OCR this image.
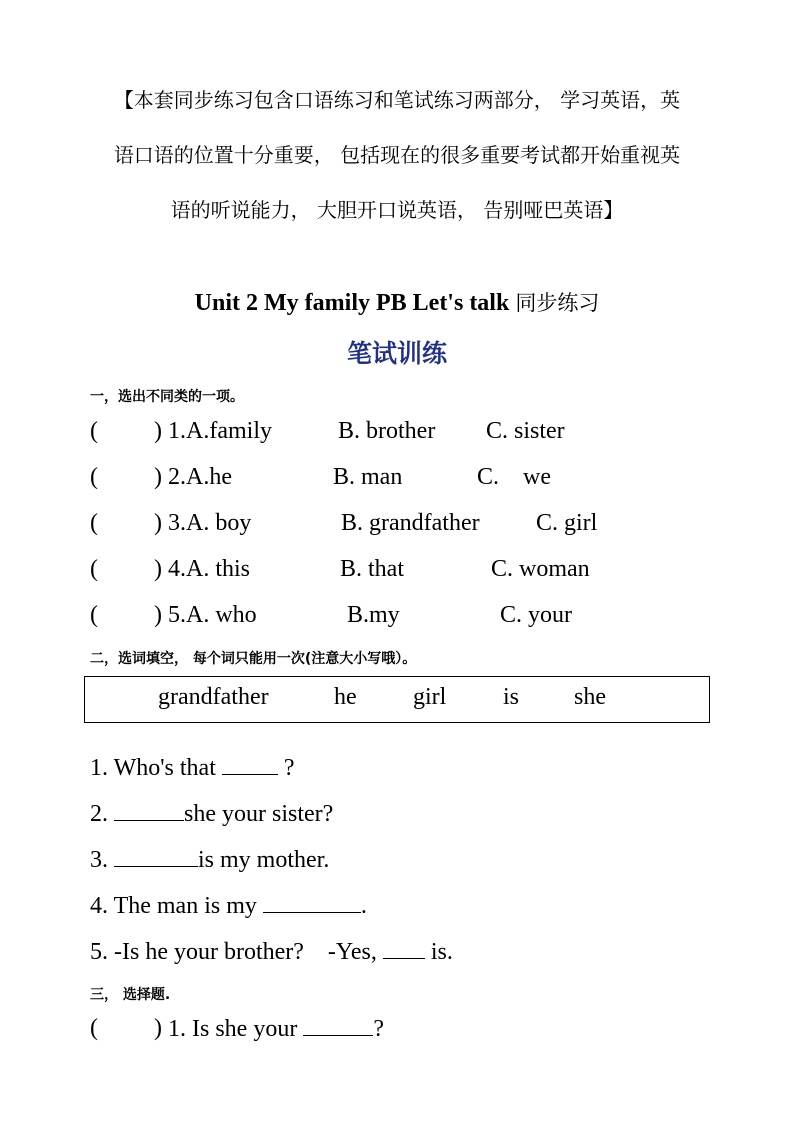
【本套同步练习包含口语练习和笔试练习两部分， 学习英语，英
语口语的位置十分重要， 包括现在的很多重要考试都开始重视英
语的听说能力， 大胆开口说英语， 告别哑巴英语】
Unit 2 My family PB Let's talk 同步练习
笔试训练
一，选出不同类的一项。
( ) 1. A.family	B. brother C. sister
( ) 2. A.he	B. man	C.    we
( ) 3. A. boy	B. grandfather C. girl
( ) 4. A. this	B. that	C. woman
( ) 5. A. who	B.my	C. your
二，选词填空， 每个词只能用一次(注意大小写哦）。
grandfather	he girl is she
1. Who's that  ?
2.	she your sister?
3.	is my mother.
4. The man is my	.
5. -Is he your brother?    -Yes,  is.
三， 选择题.
( ) 1. Is she your	?
